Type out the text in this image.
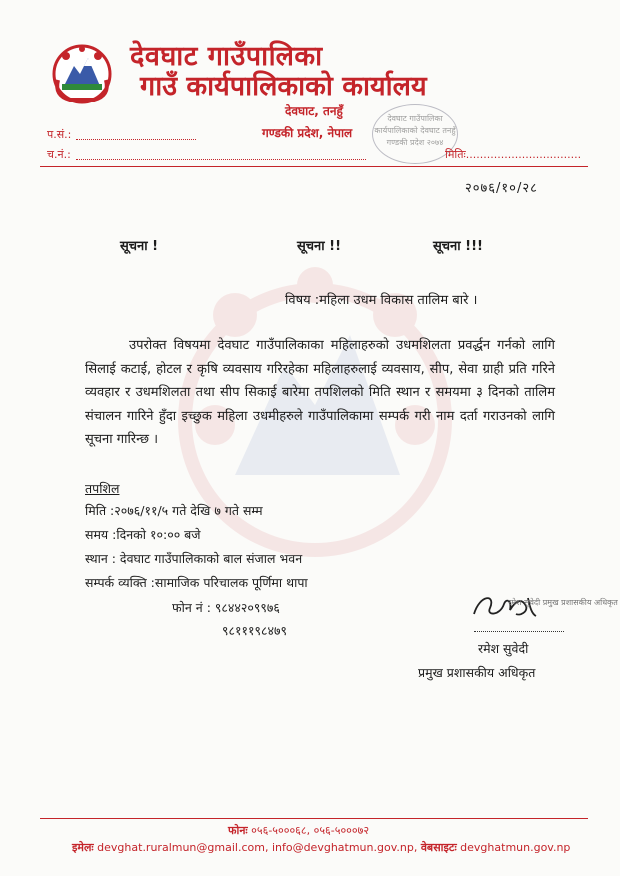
देवघाट गाउँपालिका
गाउँ कार्यपालिकाको कार्यालय
देवघाट, तनहुँ
गण्डकी प्रदेश, नेपाल
देवघाट गाउँपालिका कार्यपालिकाको देवघाट तनहुँ गण्डकी प्रदेश २०७४
प.सं.:
च.नं.:	मितिः.................................
२०७६/१०/२८
सूचना !	सूचना !!	सूचना !!!
विषय :महिला उधम विकास तालिम बारे ।
उपरोक्त विषयमा देवघाट गाउँपालिकाका महिलाहरुको उधमशिलता प्रवर्द्धन गर्नको लागि सिलाई कटाई, होटल र कृषि व्यवसाय गरिरहेका महिलाहरुलाई व्यवसाय, सीप, सेवा ग्राही प्रति गरिने व्यवहार र उधमशिलता तथा सीप सिकाई बारेमा तपशिलको मिति स्थान र समयमा ३ दिनको तालिम संचालन गारिने हुँदा इच्छुक महिला उधमीहरुले गाउँपालिकामा सम्पर्क गरी नाम दर्ता गराउनको लागि सूचना गारिन्छ ।
तपशिल
मिति :२०७६/११/५ गते देखि ७ गते सम्म
समय :दिनको १०:०० बजे
स्थान : देवघाट गाउँपालिकाको बाल संजाल भवन
सम्पर्क व्यक्ति :सामाजिक परिचालक पूर्णिमा थापा
फोन नं : ९८४४२०९९७६
९८१११९८४७९
रमेश सुवेदी प्रमुख प्रशासकीय अधिकृत
रमेश सुवेदी
प्रमुख प्रशासकीय अधिकृत
फोनः ०५६-५०००६८, ०५६-५०००७२
इमेलः devghat.ruralmun@gmail.com, info@devghatmun.gov.np, वेबसाइटः devghatmun.gov.np
